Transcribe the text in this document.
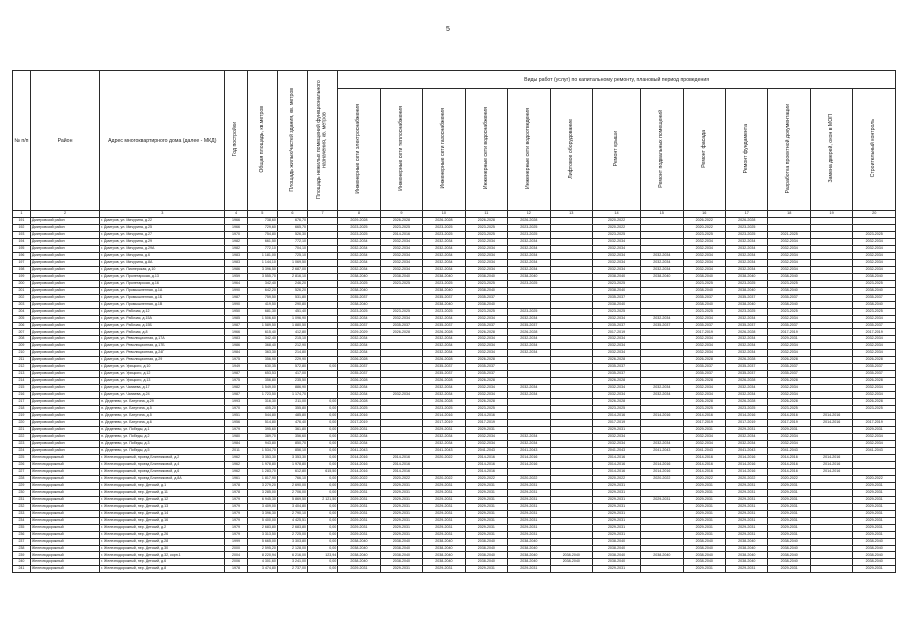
5
№ п/п	Район	Адрес многоквартирного дома (далее - МКД)	Год постройки	Общая площадь, кв.метров	Площадь жилых/частей здания, кв. метров	Площадь нежилых помещений функционального назначения, кв. метров	Виды работ (услуг) по капитальному ремонту, плановый период проведения												
							Инженерные сети электроснабжения	Инженерные сети теплоснабжения	Инженерные сети газоснабжения	Инженерные сети водоснабжения	Инженерные сети водоотведения	Лифтовое оборудование	Ремонт крыши	Ремонт подвальных помещений	Ремонт фасада	Ремонт фундамента	Разработка проектной документации	Замена дверей, окон в МОП	Строительный контроль
1	2	3	4	5	6	7	8	9	10	11	12	13	14	15	16	17	18	19	20
191	Дмитровский район	г. Дмитров, ул. Мичурина, д.22	1966	738,60	676,70		2029-2028	2026-2028	2026-2028	2026-2028	2026-2028		2020-2022		2026-2022	2026-2028			
192	Дмитровский район	г. Дмитров, ул. Мичурина, д.25	1966	729,60	665,70		2023-2025	2023-2025	2023-2025	2023-2025	2023-2025		2020-2022		2020-2022	2023-2025			
193	Дмитровский район	г. Дмитров, ул. Мичурина, д.27	1970	754,80	526,30		2023-2025	2014-2016	2023-2025	2023-2025	2023-2025		2023-2025		2023-2025	2023-2025	2021-2025		2023-2025
194	Дмитровский район	г. Дмитров, ул. Мичурина, д.29	1982	661,50	772,10		2032-2034	2032-2034	2032-2034	2032-2034	2032-2034		2032-2034		2032-2034	2032-2034	2032-2034		2032-2034
195	Дмитровский район	г. Дмитров, ул. Мичурина, д.29А	1982	772,10	704,10		2032-2034	2032-2034	2032-2034	2032-2034	2032-2034		2032-2034		2032-2034	2032-2034	2032-2034		2032-2034
196	Дмитровский район	г. Дмитров, ул. Мичурина, д.6	1983	1 181,00	725,10		2032-2034	2032-2034	2032-2034	2032-2034	2032-2034		2032-2034	2032-2034	2032-2034	2032-2034	2032-2034		2032-2034
197	Дмитровский район	г. Дмитров, ул. Мичурина, д.8А	1983	1 144,10	1 069,50		2032-2034	2032-2034	2032-2034	2032-2034	2032-2034		2032-2034	2032-2034	2032-2034	2032-2034	2032-2034		2032-2034
198	Дмитровский район	г. Дмитров, ул. Пионерская, д.10	1986	3 396,50	2 687,00		2032-2034	2032-2034	2032-2034	2032-2034	2032-2034		2032-2034	2032-2034	2032-2034	2032-2034	2032-2034		2032-2034
199	Дмитровский район	г. Дмитров, ул. Пролетарская, д.13	1959	3 555,70	2 816,10		2038-2040	2038-2040	2038-2040	2038-2040	2038-2040		2038-2040	2038-2040	2038-2040	2038-2040	2038-2040		2038-2040
200	Дмитровский район	г. Дмитров, ул. Пролетарская, д.16	1964	342,40	246,20		2023-2025	2023-2025	2023-2025	2023-2025	2023-2025		2023-2025		2023-2025	2023-2025	2023-2025		2023-2025
201	Дмитровский район	г. Дмитров, ул. Промышленная, д.1А	1990	642,20	526,20		2038-2040		2038-2040	2038-2040			2038-2040		2038-2040	2038-2040	2038-2040		2038-2040
202	Дмитровский район	г. Дмитров, ул. Промышленная, д.1Б	1987	759,50	531,80		2035-2037		2035-2037	2035-2037			2035-2037		2035-2037	2035-2037	2035-2037		2035-2037
203	Дмитровский район	г. Дмитров, ул. Промышленная, д.1В	1990	419,50	290,80		2038-2040		2038-2040	2038-2040			2038-2040		2038-2040	2038-2040	2038-2040		2038-2040
204	Дмитровский район	г. Дмитров, ул. Рабочая, д.12	1950	681,30	451,40		2023-2025	2023-2025	2023-2025	2023-2025	2023-2025		2023-2025		2023-2025	2023-2025	2023-2025		2023-2025
205	Дмитровский район	г. Дмитров, ул. Рабочая, д.15А	1985	1 506,60	1 096,90		2032-2034	2032-2034	2032-2034	2032-2034	2032-2034		2032-2034	2032-2034	2032-2034	2032-2034	2032-2034		2032-2034
206	Дмитровский район	г. Дмитров, ул. Рабочая, д.15Б	1987	1 589,50	1 880,50		2035-2037	2035-2037	2035-2037	2035-2037	2035-2037		2035-2037	2035-2037	2035-2037	2035-2037	2035-2037		2035-2037
207	Дмитровский район	г. Дмитров, ул. Рабочая, д.8	1966	615,40	412,80		2029-2029	2026-2028	2026-2028	2026-2028	2026-2028		2017-2019		2017-2019	2026-2028	2017-2019		2017-2019
208	Дмитровский район	г. Дмитров, ул. Революционная, д.17А	1983	342,40	215,10		2032-2034		2032-2034	2032-2034	2032-2034		2032-2034		2032-2034	2032-2034	2029-2031		2032-2034
209	Дмитровский район	г. Дмитров, ул. Революционная, д.17Б	1986	368,40	212,90		2032-2034		2032-2034	2032-2034	2032-2034		2032-2034		2032-2034	2032-2034	2032-2034		2032-2034
210	Дмитровский район	г. Дмитров, ул. Революционная, д.24Г	1984	363,30	214,80		2032-2034		2032-2034	2032-2034	2032-2034		2032-2034		2032-2034	2032-2034	2032-2034		2032-2034
211	Дмитровский район	г. Дмитров, ул. Революционная, д.29	1975	356,90	229,90		2026-2028		2026-2028	2026-2028			2026-2028		2026-2028	2026-2028	2026-2028		2026-2028
212	Дмитровский район	г. Дмитров, ул. Урицкого, д.10	1949	630,35	572,80	0,00	2035-2037		2035-2037	2035-2037			2035-2037		2035-2037	2035-2037	2035-2037		2035-2037
213	Дмитровский район	г. Дмитров, ул. Урицкого, д.12	1987	653,53	417,00		2035-2037		2035-2037	2035-2037			2035-2037		2035-2037	2035-2037	2035-2037		2035-2037
214	Дмитровский район	г. Дмитров, ул. Урицкого, д.13	1975	356,80	235,50		2026-2028		2026-2028	2026-2028			2026-2028		2026-2028	2026-2028	2026-2028		2026-2028
215	Дмитровский район	г. Дмитров, ул. Чапаева, д.17	1982	1 549,00	886,90		2032-2034		2032-2034	2032-2034	2032-2034		2032-2034	2032-2034	2032-2034	2032-2034	2032-2034		2032-2034
216	Дмитровский район	г. Дмитров, ул. Чапаева, д.24	1987	1 723,50	1 174,70		2032-2034	2032-2034	2032-2034	2032-2034	2032-2034		2032-2034	2032-2034	2032-2034	2032-2034	2032-2034		2032-2034
217	Дмитровский район	п. Деденево, ул. Батутина, д.29	1993	316,30	211,00	0,00	2026-2028		2026-2028	2026-2028			2026-2028		2026-2028	2026-2028	2026-2028		2026-2028
218	Дмитровский район	п. Деденево, ул. Батутина, д.5	1970	405,20	355,80	0,00	2023-2025		2023-2025	2023-2025			2023-2025		2023-2025	2023-2025	2023-2025		2023-2025
219	Дмитровский район	п. Деденево, ул. Батутина, д.5	1951	544,80	485,80	0,00	2014-2016		2014-2016	2014-2016			2014-2016	2014-2016	2014-2016	2014-2016	2014-2016	2014-2016	
220	Дмитровский район	п. Деденево, ул. Батутина, д.6	1956	514,80	476,40	0,00	2017-2019		2017-2019	2017-2019			2017-2019		2017-2019	2017-2019	2017-2019	2014-2016	2017-2019
221	Дмитровский район	п. Деденево, ул. Победы, д.1	1979	395,60	361,80	0,00	2029-2031		2029-2031	2029-2031			2029-2031		2029-2031	2029-2031	2029-2031		2029-2031
222	Дмитровский район	п. Деденево, ул. Победы, д.2	1980	389,70	356,60	0,00	2032-2034		2032-2034	2032-2034	2032-2034		2032-2034		2032-2034	2032-2034	2032-2034		2032-2034
223	Дмитровский район	п. Деденево, ул. Победы, д.3	1984	943,80	850,70	0,00	2032-2034		2032-2034	2032-2034	2032-2034		2032-2034	2032-2034	2032-2034	2032-2034	2032-2034		2032-2034
224	Дмитровский район	п. Деденево, ул. Победы, д.5	2011	1 534,70	856,10	0,00	2041-2043		2041-2043	2041-2043	2041-2043		2041-2043	2041-2043	2041-2043	2041-2043	2041-2043		2041-2043
225	Железнодорожный	г. Железнодорожный, проезд Блинниковой, д.2	1962	3 353,30	3 353,30	0,00	2014-2016	2014-2016	2020-2022	2014-2016	2014-2016		2014-2016		2014-2016	2014-2016	2014-2016	2014-2016	
226	Железнодорожный	г. Железнодорожный, проезд Блинниковой, д.4	1962	1 978,80	1 978,80	0,00	2014-2016	2014-2016		2014-2016	2014-2016		2014-2016	2014-2016	2014-2016	2014-2016	2014-2016	2014-2016	
227	Железнодорожный	г. Железнодорожный, проезд Блинниковой, д.6	1962	1 283,70	612,80	615,50	2014-2016	2014-2016		2014-2016			2014-2016	2014-2016	2014-2016	2014-2016	2014-2016	2014-2016	
228	Железнодорожный	г. Железнодорожный, проезд Блинниковой, д.8А	1961	1 817,90	766,10	0,00	2020-2022	2020-2022	2020-2022	2020-2022	2020-2022		2020-2022	2020-2022	2020-2022	2020-2022	2020-2022		2020-2022
229	Железнодорожный	г. Железнодорожный, пер. Детский, д.1	1978	3 279,20	2 690,00	0,00	2029-2031	2029-2031	2029-2031	2029-2031	2029-2031		2029-2031		2029-2031	2029-2031	2029-2031		2029-2031
230	Железнодорожный	г. Железнодорожный, пер. Детский, д.11	1978	3 285,00	2 706,00	0,00	2029-2031	2029-2031	2029-2031	2029-2031	2029-2031		2029-2031		2029-2031	2029-2031	2029-2031		2029-2031
231	Железнодорожный	г. Железнодорожный, пер. Детский, д.12	1979	6 945,30	5 869,50	2 121,50	2029-2031	2029-2031	2029-2031	2029-2031	2029-2031		2029-2031	2029-2031	2029-2031	2029-2031	2029-2031		2029-2031
232	Железнодорожный	г. Железнодорожный, пер. Детский, д.13	1979	3 409,00	3 404,80	0,00	2029-2031	2029-2031	2029-2031	2029-2031	2029-2031		2029-2031		2029-2031	2029-2031	2029-2031		2029-2031
233	Железнодорожный	г. Железнодорожный, пер. Детский, д.14	1979	3 396,30	2 790,10	0,00	2029-2031	2029-2031	2029-2031	2029-2031	2029-2031		2029-2031		2029-2031	2029-2031	2029-2031		2029-2031
234	Железнодорожный	г. Железнодорожный, пер. Детский, д.16	1979	5 400,00	4 425,51	0,00	2029-2031	2029-2031	2029-2031	2029-2031	2029-2031		2029-2031		2029-2031	2029-2031	2029-2031		2029-2031
235	Железнодорожный	г. Железнодорожный, пер. Детский, д.2	1979	2 683,80	2 683,80	0,00	2029-2031	2029-2031	2029-2031	2029-2031	2029-2031		2029-2031		2029-2031	2029-2031	2029-2031		2029-2031
236	Железнодорожный	г. Железнодорожный, пер. Детский, д.26	1979	3 313,50	2 725,00	0,00	2029-2031	2029-2031	2029-2031	2029-2031	2029-2031		2029-2031		2029-2031	2029-2031	2029-2031		2029-2031
237	Железнодорожный	г. Железнодорожный, пер. Детский, д.28	1999	5 665,00	3 303,80	0,00	2038-2040	2038-2040	2038-2040	2038-2040	2038-2040		2038-2040		2038-2040	2038-2040	2038-2040		2038-2040
238	Железнодорожный	г. Железнодорожный, пер. Детский, д.30	2000	2 595,20	2 128,00	0,00	2038-2040	2038-2040	2038-2040	2038-2040	2038-2040		2038-2040		2038-2040	2038-2040	2038-2040		2038-2040
239	Железнодорожный	г. Железнодорожный, пер. Детский, д.32, корп.1	2004	8 220,94	6 216,00	123,94	2038-2040	2038-2040	2038-2040	2038-2040	2038-2040	2038-2040	2038-2040	2038-2040	2038-2040	2038-2040	2038-2040		2038-2040
240	Железнодорожный	г. Железнодорожный, пер. Детский, д.6	2006	4 301,60	3 241,00	0,00	2038-2040	2038-2040	2038-2040	2038-2040	2038-2040	2038-2040	2038-2040		2038-2040	2038-2040	2038-2040		2038-2040
241	Железнодорожный	г. Железнодорожный, пер. Детский, д.8	1978	3 474,80	2 737,00	0,00	2029-2031	2029-2031	2029-2031	2029-2031	2029-2031		2029-2031		2029-2031	2029-2031	2029-2031		2029-2031
